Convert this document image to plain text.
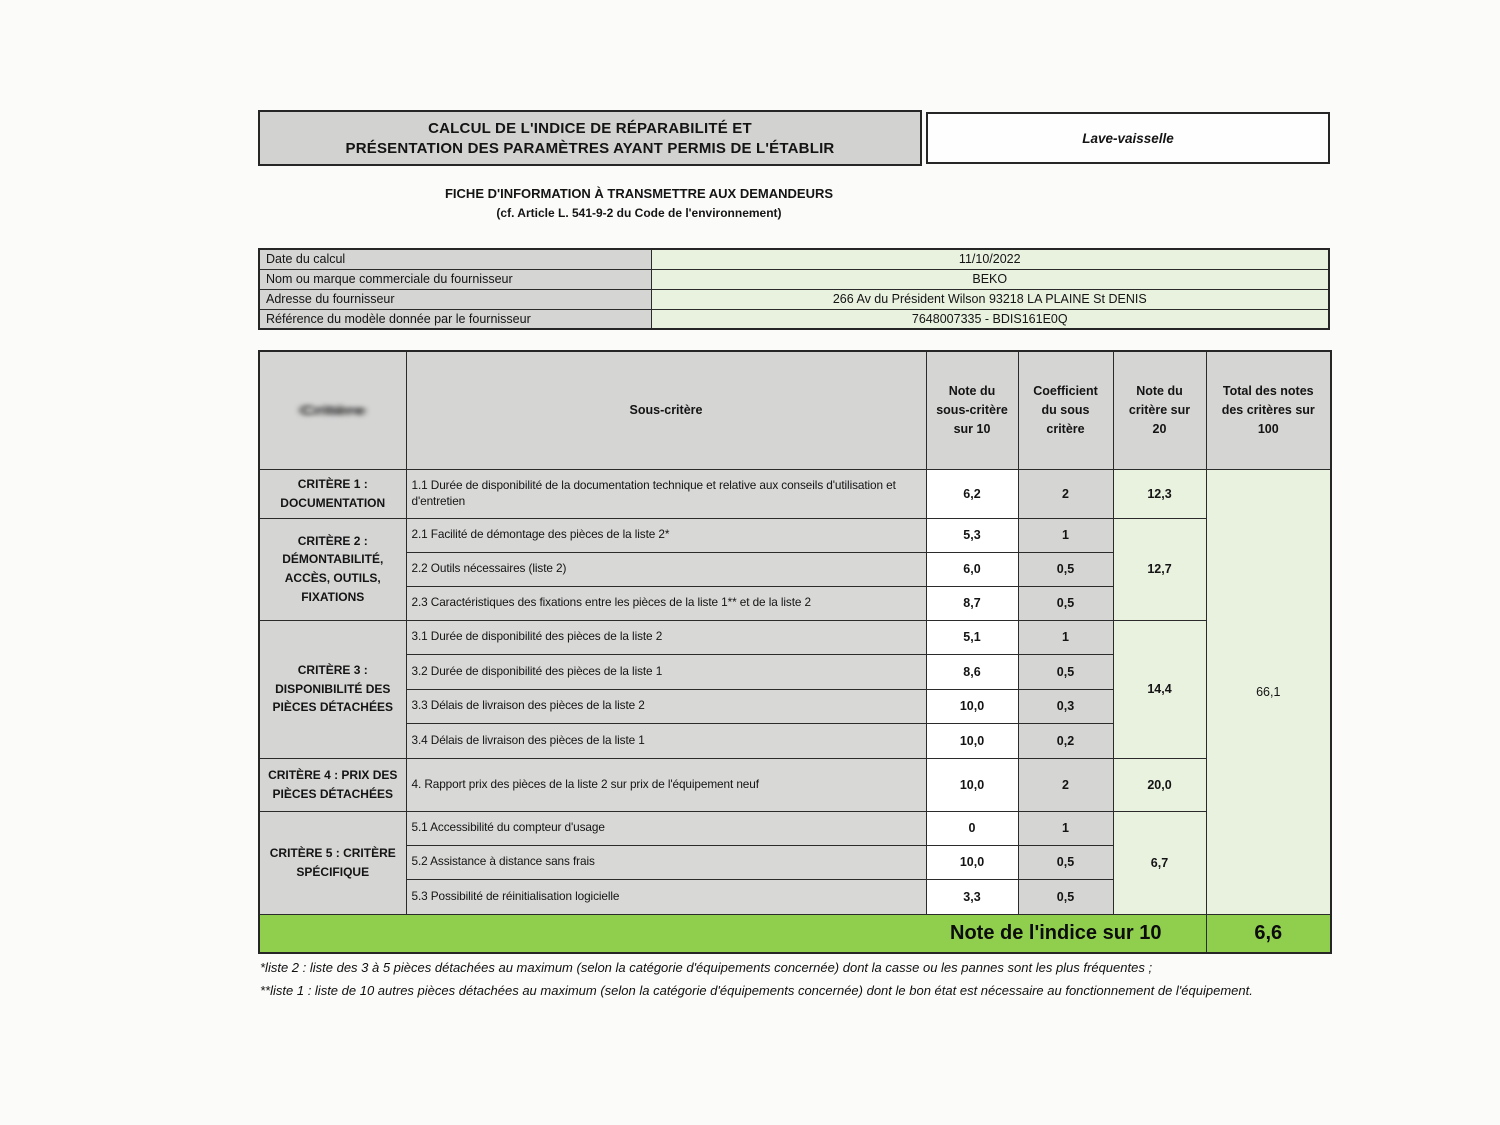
CALCUL DE L'INDICE DE RÉPARABILITÉ ET
PRÉSENTATION DES PARAMÈTRES AYANT PERMIS DE L'ÉTABLIR
Lave-vaisselle
FICHE D'INFORMATION À TRANSMETTRE AUX DEMANDEURS
(cf. Article L. 541-9-2 du Code de l'environnement)
Date du calcul	11/10/2022
Nom ou marque commerciale du fournisseur	BEKO
Adresse du fournisseur	266 Av du Président Wilson 93218 LA PLAINE St DENIS
Référence du modèle donnée par le fournisseur	7648007335 - BDIS161E0Q
Critère	Sous-critère	Note du sous-critère sur 10	Coefficient du sous critère	Note du critère sur 20	Total des notes des critères sur 100
CRITÈRE 1 : DOCUMENTATION	1.1 Durée de disponibilité de la documentation technique et relative aux conseils d'utilisation et d'entretien	6,2	2	12,3	66,1
CRITÈRE 2 : DÉMONTABILITÉ, ACCÈS, OUTILS, FIXATIONS	2.1 Facilité de démontage des pièces de la liste 2*	5,3	1	12,7	
	2.2 Outils nécessaires (liste 2)	6,0	0,5		
	2.3 Caractéristiques des fixations entre les pièces de la liste 1** et de la liste 2	8,7	0,5		
CRITÈRE 3 : DISPONIBILITÉ DES PIÈCES DÉTACHÉES	3.1 Durée de disponibilité des pièces de la liste 2	5,1	1	14,4	
	3.2 Durée de disponibilité des pièces de la liste 1	8,6	0,5		
	3.3 Délais de livraison des pièces de la liste 2	10,0	0,3		
	3.4 Délais de livraison des pièces de la liste 1	10,0	0,2		
CRITÈRE 4 : PRIX DES PIÈCES DÉTACHÉES	4. Rapport prix des pièces de la liste 2 sur prix de l'équipement neuf	10,0	2	20,0	
CRITÈRE 5 : CRITÈRE SPÉCIFIQUE	5.1 Accessibilité du compteur d'usage	0	1	6,7	
	5.2 Assistance à distance sans frais	10,0	0,5		
	5.3 Possibilité de réinitialisation logicielle	3,3	0,5		
Note de l'indice sur 10					6,6
*liste 2 : liste des 3 à 5 pièces détachées au maximum (selon la catégorie d'équipements concernée) dont la casse ou les pannes sont les plus fréquentes ;
**liste 1 : liste de 10 autres pièces détachées au maximum (selon la catégorie d'équipements concernée) dont le bon état est nécessaire au fonctionnement de l'équipement.
